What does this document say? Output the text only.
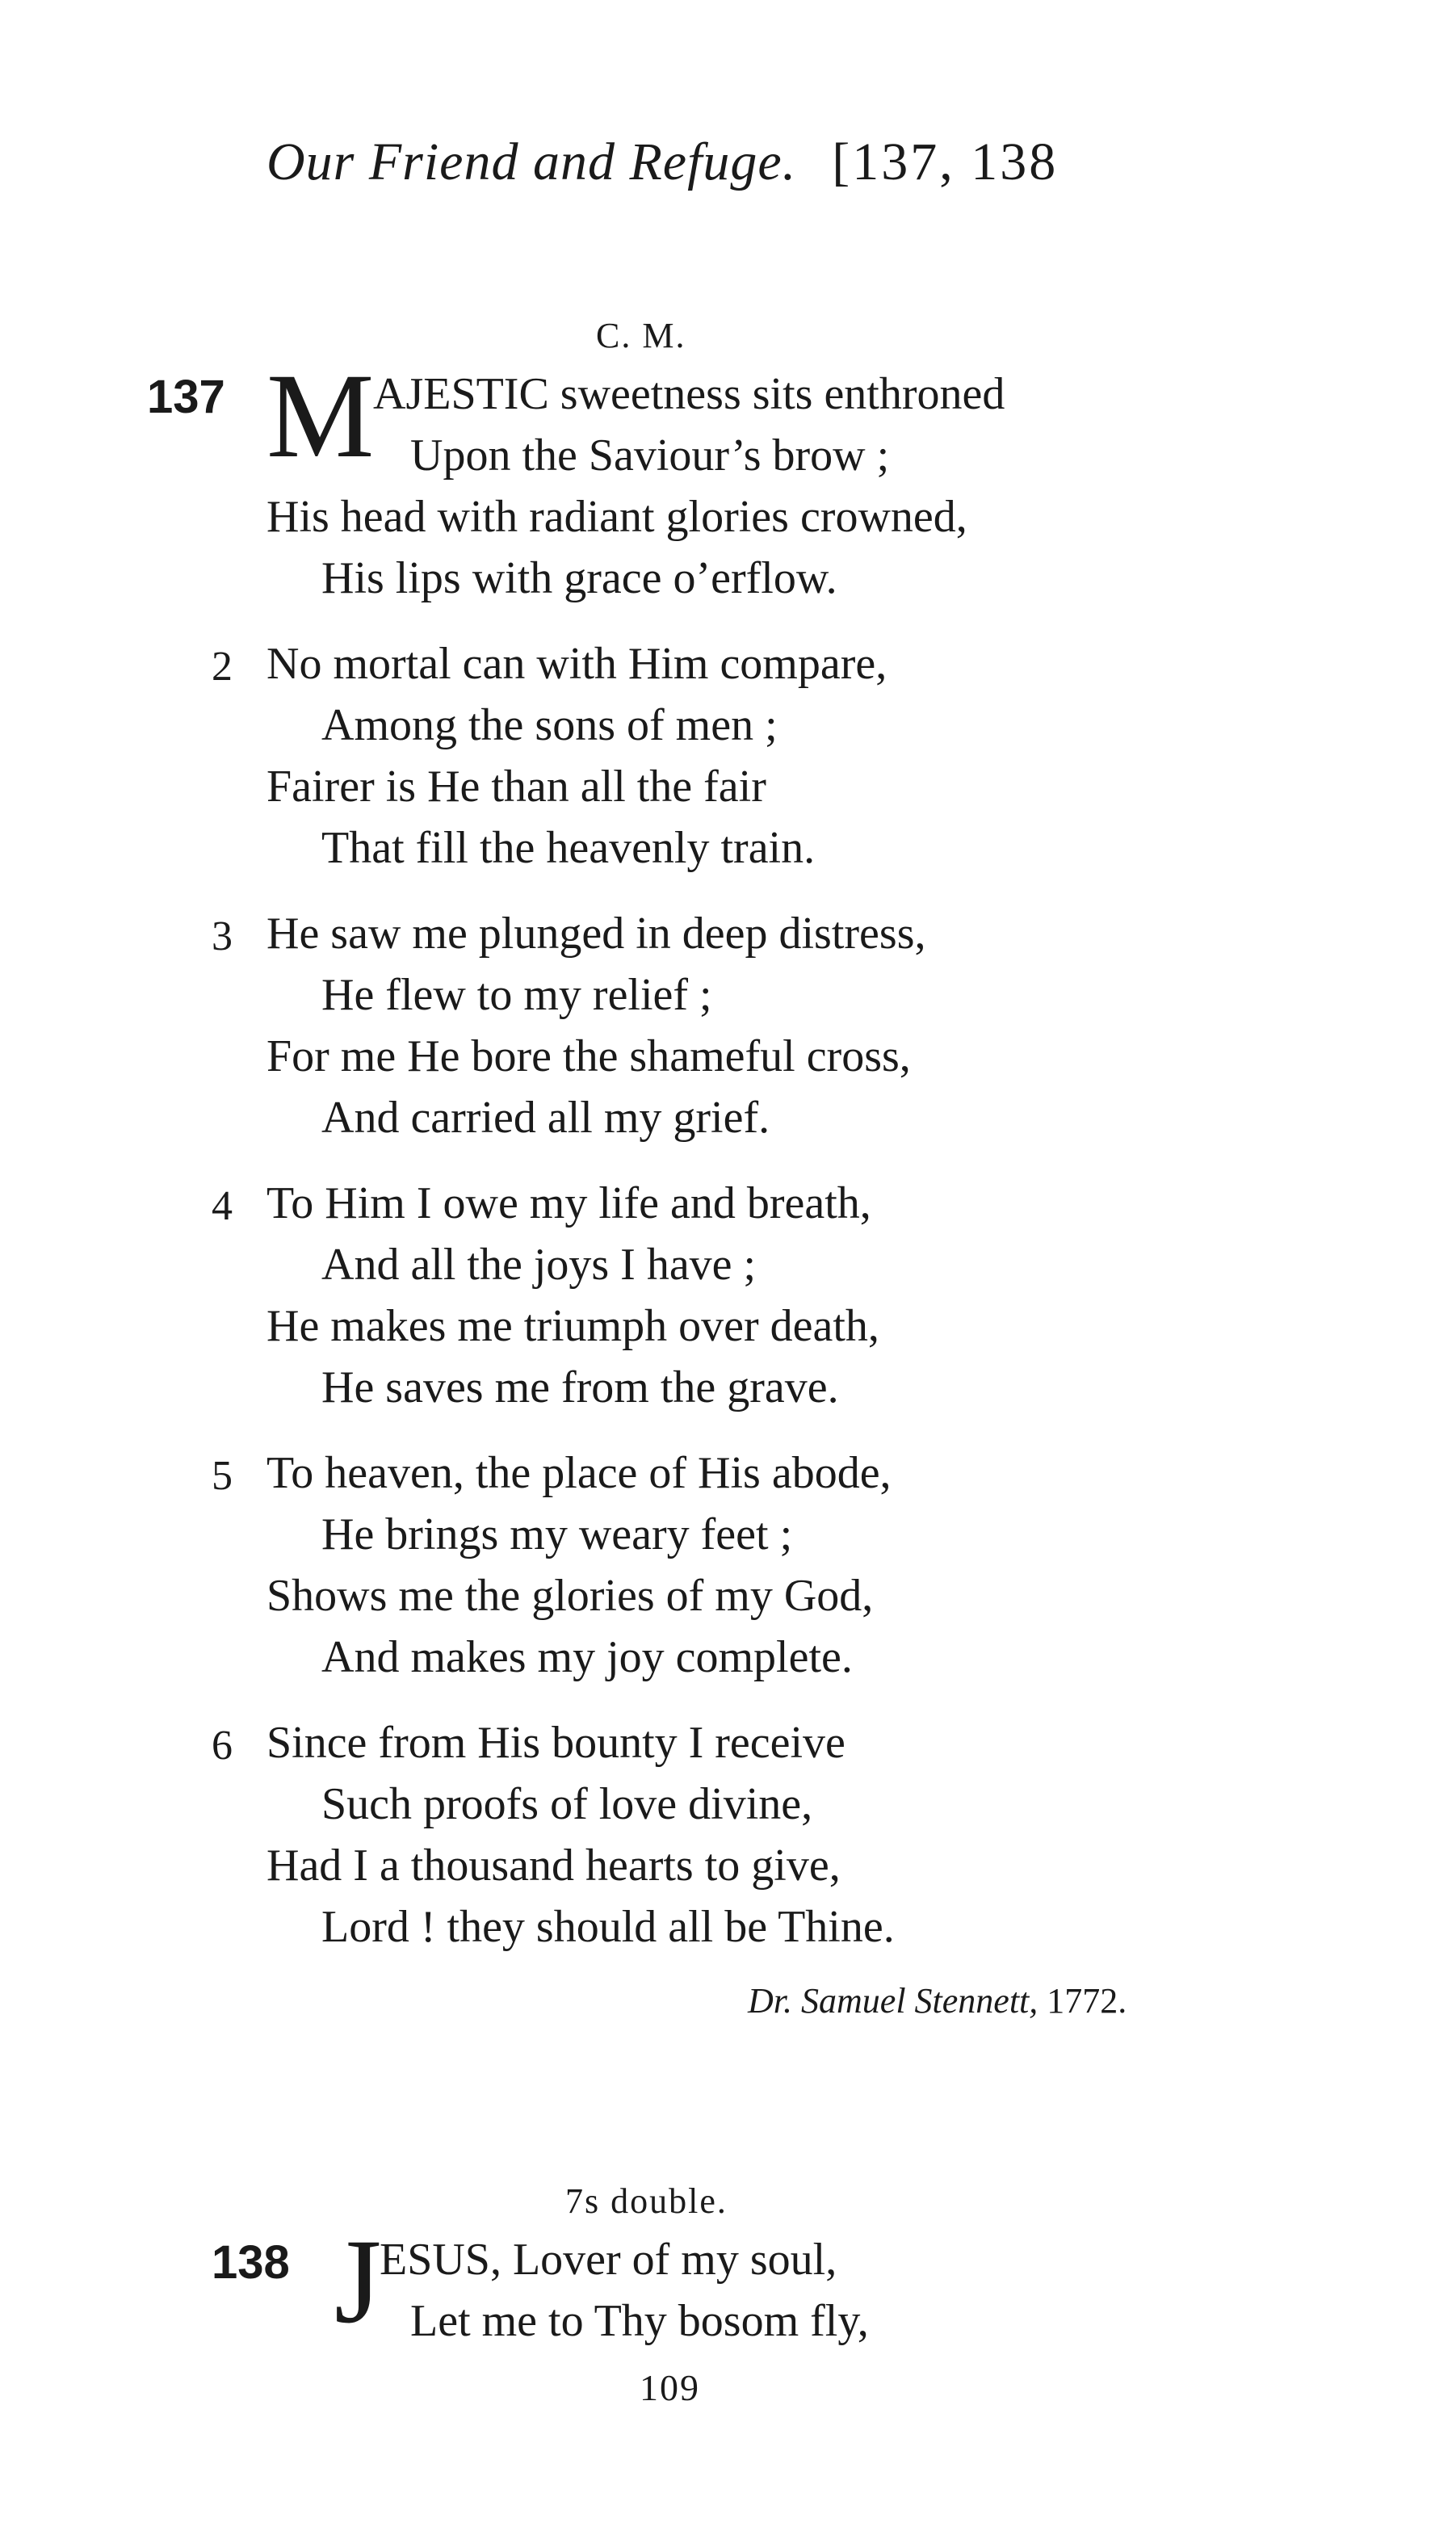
Our Friend and Refuge. [137, 138
C. M.
137 M
AJESTIC sweetness sits enthroned
Upon the Saviour’s brow ;
His head with radiant glories crowned,
His lips with grace o’erflow.
2 No mortal can with Him compare,
Among the sons of men ;
Fairer is He than all the fair
That fill the heavenly train.
3 He saw me plunged in deep distress,
He flew to my relief ;
For me He bore the shameful cross,
And carried all my grief.
4 To Him I owe my life and breath,
And all the joys I have ;
He makes me triumph over death,
He saves me from the grave.
5 To heaven, the place of His abode,
He brings my weary feet ;
Shows me the glories of my God,
And makes my joy complete.
6 Since from His bounty I receive
Such proofs of love divine,
Had I a thousand hearts to give,
Lord ! they should all be Thine.
Dr. Samuel Stennett, 1772.
7s double.
138 J
ESUS, Lover of my soul,
Let me to Thy bosom fly,
109
